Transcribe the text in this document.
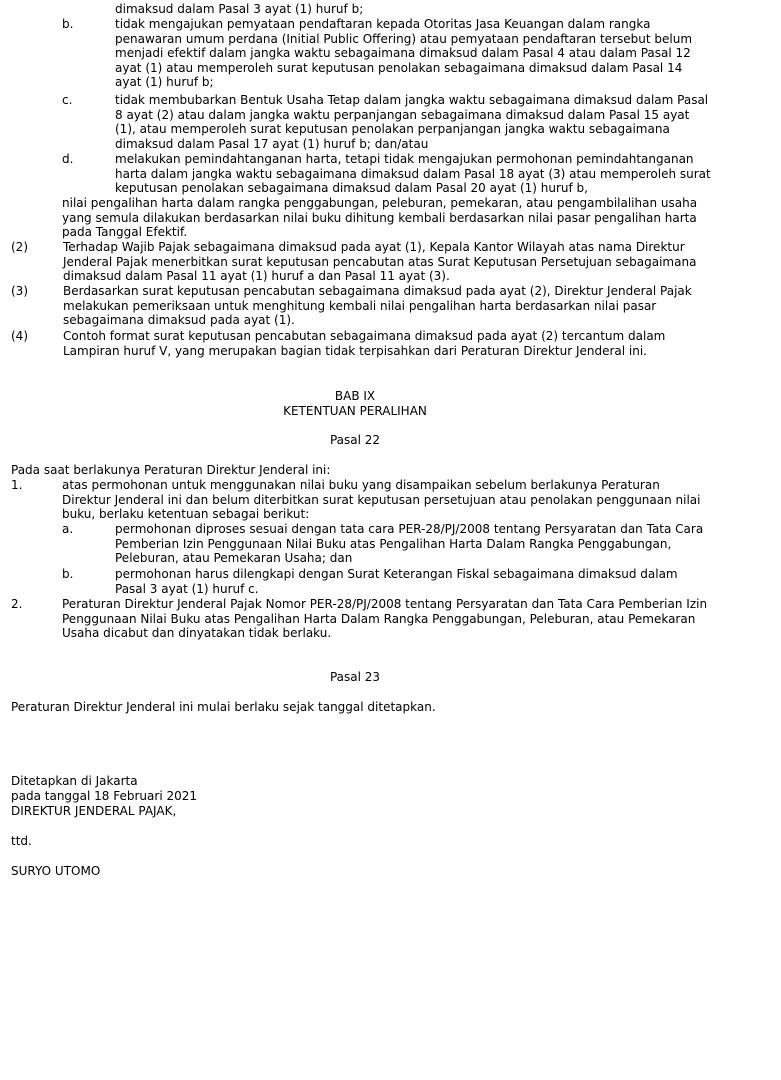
dimaksud dalam Pasal 3 ayat (1) huruf b;
b.	tidak mengajukan pemyataan pendaftaran kepada Otoritas Jasa Keuangan dalam rangka penawaran umum perdana (Initial Public Offering) atau pemyataan pendaftaran tersebut belum menjadi efektif dalam jangka waktu sebagaimana dimaksud dalam Pasal 4 atau dalam Pasal 12 ayat (1) atau memperoleh surat keputusan penolakan sebagaimana dimaksud dalam Pasal 14 ayat (1) huruf b;
c.	tidak membubarkan Bentuk Usaha Tetap dalam jangka waktu sebagaimana dimaksud dalam Pasal 8 ayat (2) atau dalam jangka waktu perpanjangan sebagaimana dimaksud dalam Pasal 15 ayat (1), atau memperoleh surat keputusan penolakan perpanjangan jangka waktu sebagaimana dimaksud dalam Pasal 17 ayat (1) huruf b; dan/atau
d.	melakukan pemindahtanganan harta, tetapi tidak mengajukan permohonan pemindahtanganan harta dalam jangka waktu sebagaimana dimaksud dalam Pasal 18 ayat (3) atau memperoleh surat keputusan penolakan sebagaimana dimaksud dalam Pasal 20 ayat (1) huruf b,
nilai pengalihan harta dalam rangka penggabungan, peleburan, pemekaran, atau pengambilalihan usaha yang semula dilakukan berdasarkan nilai buku dihitung kembali berdasarkan nilai pasar pengalihan harta pada Tanggal Efektif.
(2)	Terhadap Wajib Pajak sebagaimana dimaksud pada ayat (1), Kepala Kantor Wilayah atas nama Direktur Jenderal Pajak menerbitkan surat keputusan pencabutan atas Surat Keputusan Persetujuan sebagaimana dimaksud dalam Pasal 11 ayat (1) huruf a dan Pasal 11 ayat (3).
(3)	Berdasarkan surat keputusan pencabutan sebagaimana dimaksud pada ayat (2), Direktur Jenderal Pajak melakukan pemeriksaan untuk menghitung kembali nilai pengalihan harta berdasarkan nilai pasar sebagaimana dimaksud pada ayat (1).
(4)	Contoh format surat keputusan pencabutan sebagaimana dimaksud pada ayat (2) tercantum dalam Lampiran huruf V, yang merupakan bagian tidak terpisahkan dari Peraturan Direktur Jenderal ini.
BAB IX
KETENTUAN PERALIHAN
Pasal 22
Pada saat berlakunya Peraturan Direktur Jenderal ini:
1.	atas permohonan untuk menggunakan nilai buku yang disampaikan sebelum berlakunya Peraturan Direktur Jenderal ini dan belum diterbitkan surat keputusan persetujuan atau penolakan penggunaan nilai buku, berlaku ketentuan sebagai berikut:
a.	permohonan diproses sesuai dengan tata cara PER-28/PJ/2008 tentang Persyaratan dan Tata Cara Pemberian Izin Penggunaan Nilai Buku atas Pengalihan Harta Dalam Rangka Penggabungan, Peleburan, atau Pemekaran Usaha; dan
b.	permohonan harus dilengkapi dengan Surat Keterangan Fiskal sebagaimana dimaksud dalam Pasal 3 ayat (1) huruf c.
2.	Peraturan Direktur Jenderal Pajak Nomor PER-28/PJ/2008 tentang Persyaratan dan Tata Cara Pemberian Izin Penggunaan Nilai Buku atas Pengalihan Harta Dalam Rangka Penggabungan, Peleburan, atau Pemekaran Usaha dicabut dan dinyatakan tidak berlaku.
Pasal 23
Peraturan Direktur Jenderal ini mulai berlaku sejak tanggal ditetapkan.
Ditetapkan di Jakarta
pada tanggal 18 Februari 2021
DIREKTUR JENDERAL PAJAK,
ttd.
SURYO UTOMO
